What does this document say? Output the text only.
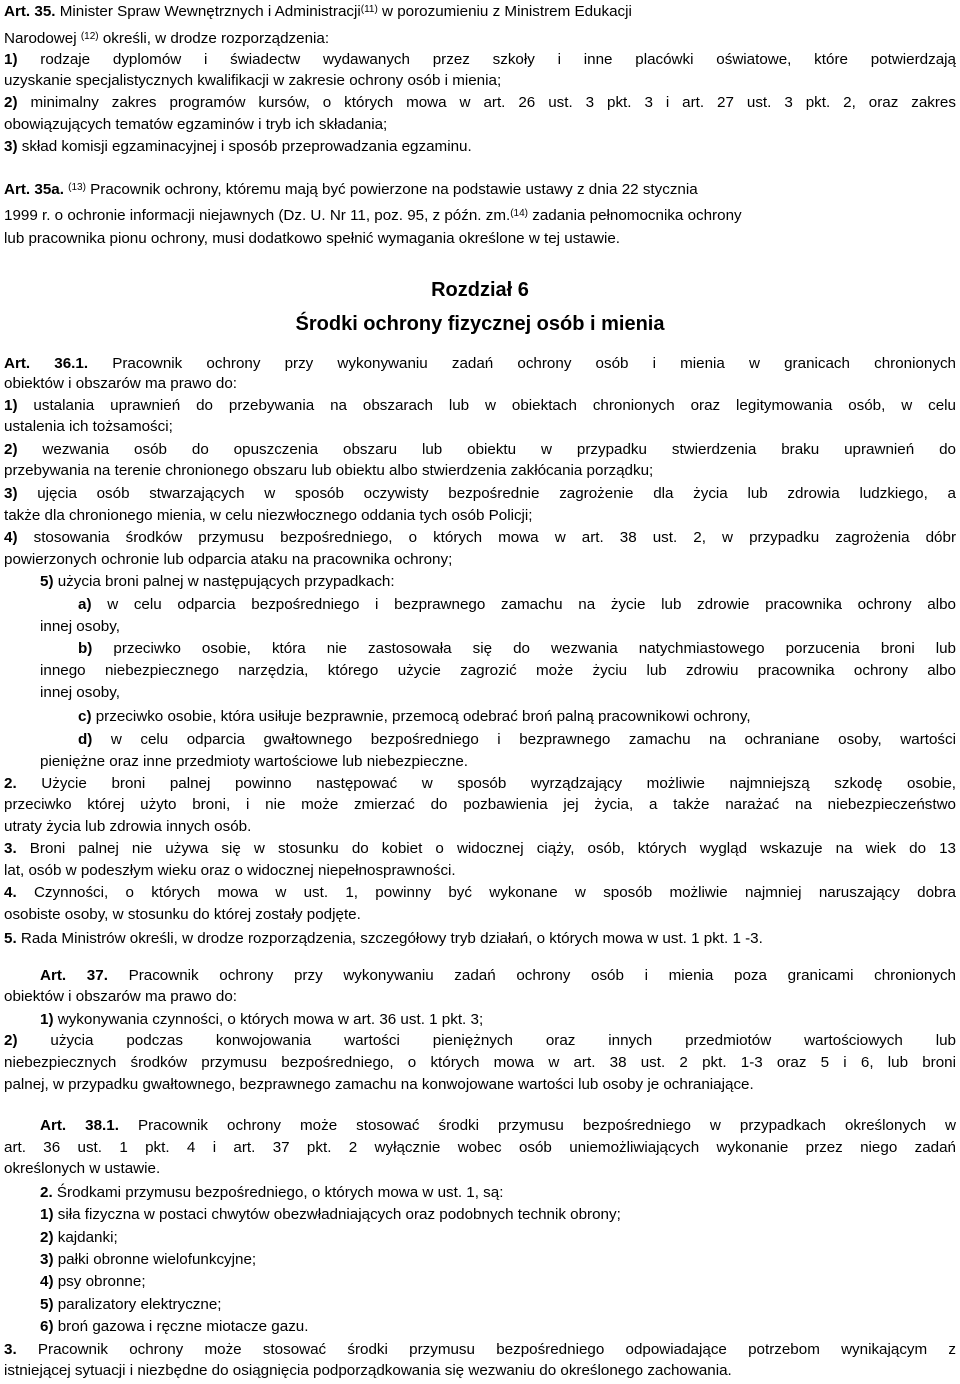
Rozdział 6
Środki ochrony fizycznej osób i mienia
Art. 35. Minister Spraw Wewnętrznych i Administracji$^{(11)}$ w porozumieniu z Ministrem Edukacji
Narodowej $^{(12)}$ określi, w drodze rozporządzenia:
1) rodzaje dyplomów i świadectw wydawanych przez szkoły i inne placówki oświatowe, które potwierdzają
uzyskanie specjalistycznych kwalifikacji w zakresie ochrony osób i mienia;
2) minimalny zakres programów kursów, o których mowa w art. 26 ust. 3 pkt. 3 i art. 27 ust. 3 pkt. 2, oraz zakres
obowiązujących tematów egzaminów i tryb ich składania;
3) skład komisji egzaminacyjnej i sposób przeprowadzania egzaminu.
Art. 35a. $^{(13)}$ Pracownik ochrony, któremu mają być powierzone na podstawie ustawy z dnia 22 stycznia
1999 r. o ochronie informacji niejawnych (Dz. U. Nr 11, poz. 95, z późn. zm.$^{(14)}$ zadania pełnomocnika ochrony
lub pracownika pionu ochrony, musi dodatkowo spełnić wymagania określone w tej ustawie.
Art. 36.1. Pracownik ochrony przy wykonywaniu zadań ochrony osób i mienia w granicach chronionych
obiektów i obszarów ma prawo do:
1) ustalania uprawnień do przebywania na obszarach lub w obiektach chronionych oraz legitymowania osób, w celu
ustalenia ich tożsamości;
2) wezwania osób do opuszczenia obszaru lub obiektu w przypadku stwierdzenia braku uprawnień do
przebywania na terenie chronionego obszaru lub obiektu albo stwierdzenia zakłócania porządku;
3) ujęcia osób stwarzających w sposób oczywisty bezpośrednie zagrożenie dla życia lub zdrowia ludzkiego, a
także dla chronionego mienia, w celu niezwłocznego oddania tych osób Policji;
4) stosowania środków przymusu bezpośredniego, o których mowa w art. 38 ust. 2, w przypadku zagrożenia dóbr
powierzonych ochronie lub odparcia ataku na pracownika ochrony;
5) użycia broni palnej w następujących przypadkach:
a) w celu odparcia bezpośredniego i bezprawnego zamachu na życie lub zdrowie pracownika ochrony albo
innej osoby,
b) przeciwko osobie, która nie zastosowała się do wezwania natychmiastowego porzucenia broni lub
innego niebezpiecznego narzędzia, którego użycie zagrozić może życiu lub zdrowiu pracownika ochrony albo
innej osoby,
c) przeciwko osobie, która usiłuje bezprawnie, przemocą odebrać broń palną pracownikowi ochrony,
d) w celu odparcia gwałtownego bezpośredniego i bezprawnego zamachu na ochraniane osoby, wartości
pieniężne oraz inne przedmioty wartościowe lub niebezpieczne.
2. Użycie broni palnej powinno następować w sposób wyrządzający możliwie najmniejszą szkodę osobie,
przeciwko której użyto broni, i nie może zmierzać do pozbawienia jej życia, a także narażać na niebezpieczeństwo
utraty życia lub zdrowia innych osób.
3. Broni palnej nie używa się w stosunku do kobiet o widocznej ciąży, osób, których wygląd wskazuje na wiek do 13
lat, osób w podeszłym wieku oraz o widocznej niepełnosprawności.
4. Czynności, o których mowa w ust. 1, powinny być wykonane w sposób możliwie najmniej naruszający dobra
osobiste osoby, w stosunku do której zostały podjęte.
5. Rada Ministrów określi, w drodze rozporządzenia, szczegółowy tryb działań, o których mowa w ust. 1 pkt. 1 -3.
Art. 37. Pracownik ochrony przy wykonywaniu zadań ochrony osób i mienia poza granicami chronionych
obiektów i obszarów ma prawo do:
1) wykonywania czynności, o których mowa w art. 36 ust. 1 pkt. 3;
2) użycia podczas konwojowania wartości pieniężnych oraz innych przedmiotów wartościowych lub
niebezpiecznych środków przymusu bezpośredniego, o których mowa w art. 38 ust. 2 pkt. 1-3 oraz 5 i 6, lub broni
palnej, w przypadku gwałtownego, bezprawnego zamachu na konwojowane wartości lub osoby je ochraniające.
Art. 38.1. Pracownik ochrony może stosować środki przymusu bezpośredniego w przypadkach określonych w
art. 36 ust. 1 pkt. 4 i art. 37 pkt. 2 wyłącznie wobec osób uniemożliwiających wykonanie przez niego zadań
określonych w ustawie.
2. Środkami przymusu bezpośredniego, o których mowa w ust. 1, są:
1) siła fizyczna w postaci chwytów obezwładniających oraz podobnych technik obrony;
2) kajdanki;
3) pałki obronne wielofunkcyjne;
4) psy obronne;
5) paralizatory elektryczne;
6) broń gazowa i ręczne miotacze gazu.
3. Pracownik ochrony może stosować środki przymusu bezpośredniego odpowiadające potrzebom wynikającym z
istniejącej sytuacji i niezbędne do osiągnięcia podporządkowania się wezwaniu do określonego zachowania.
